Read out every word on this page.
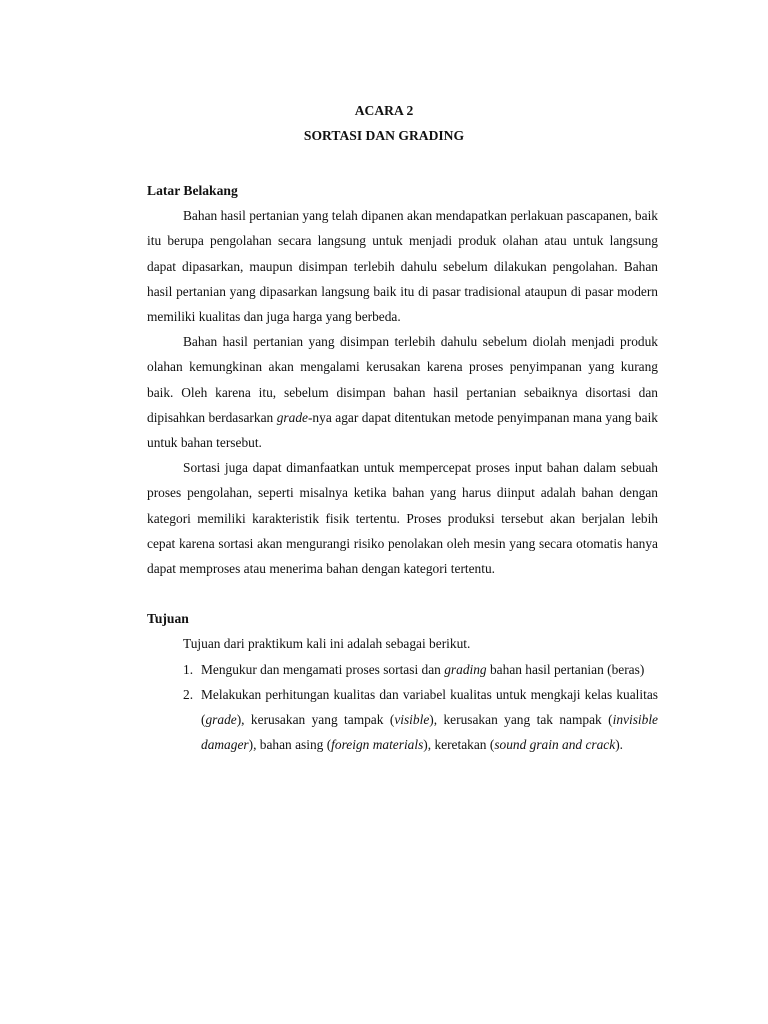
ACARA 2
SORTASI DAN GRADING

Latar Belakang

Bahan hasil pertanian yang telah dipanen akan mendapatkan perlakuan pascapanen, baik itu berupa pengolahan secara langsung untuk menjadi produk olahan atau untuk langsung dapat dipasarkan, maupun disimpan terlebih dahulu sebelum dilakukan pengolahan. Bahan hasil pertanian yang dipasarkan langsung baik itu di pasar tradisional ataupun di pasar modern memiliki kualitas dan juga harga yang berbeda.

Bahan hasil pertanian yang disimpan terlebih dahulu sebelum diolah menjadi produk olahan kemungkinan akan mengalami kerusakan karena proses penyimpanan yang kurang baik. Oleh karena itu, sebelum disimpan bahan hasil pertanian sebaiknya disortasi dan dipisahkan berdasarkan grade-nya agar dapat ditentukan metode penyimpanan mana yang baik untuk bahan tersebut.

Sortasi juga dapat dimanfaatkan untuk mempercepat proses input bahan dalam sebuah proses pengolahan, seperti misalnya ketika bahan yang harus diinput adalah bahan dengan kategori memiliki karakteristik fisik tertentu. Proses produksi tersebut akan berjalan lebih cepat karena sortasi akan mengurangi risiko penolakan oleh mesin yang secara otomatis hanya dapat memproses atau menerima bahan dengan kategori tertentu.

Tujuan

Tujuan dari praktikum kali ini adalah sebagai berikut.

1. Mengukur dan mengamati proses sortasi dan grading bahan hasil pertanian (beras)
2. Melakukan perhitungan kualitas dan variabel kualitas untuk mengkaji kelas kualitas (grade), kerusakan yang tampak (visible), kerusakan yang tak nampak (invisible damager), bahan asing (foreign materials), keretakan (sound grain and crack).
